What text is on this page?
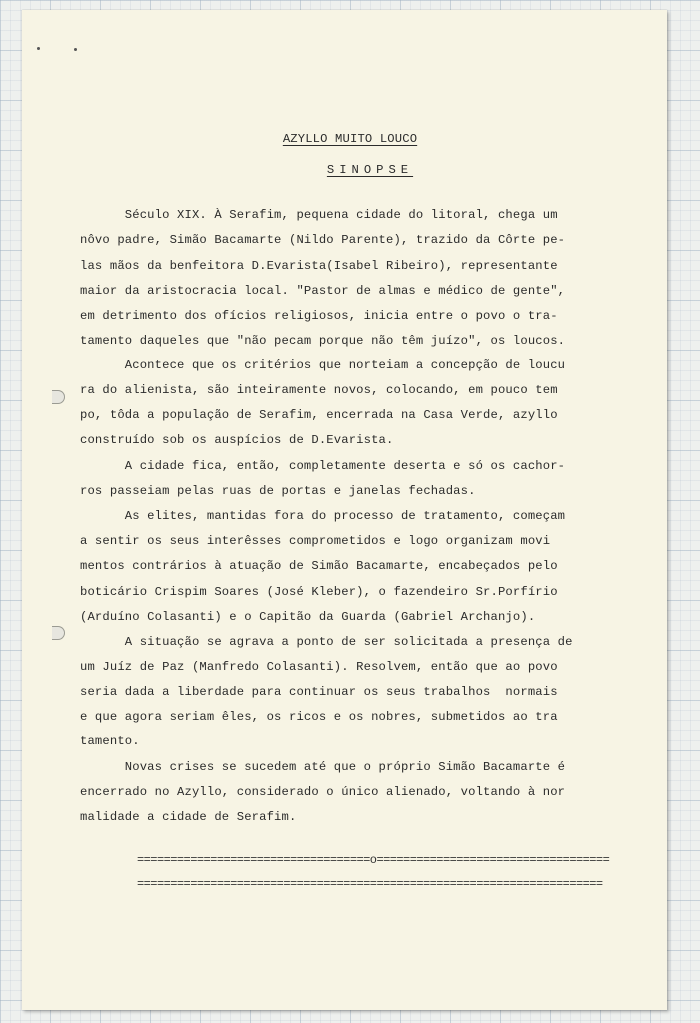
AZYLLO MUITO LOUCO
SINOPSE
Século XIX. À Serafim, pequena cidade do litoral, chega um
nôvo padre, Simão Bacamarte (Nildo Parente), trazido da Côrte pe-
las mãos da benfeitora D.Evarista(Isabel Ribeiro), representante
maior da aristocracia local. "Pastor de almas e médico de gente",
em detrimento dos ofícios religiosos, inicia entre o povo o tra-
tamento daqueles que "não pecam porque não têm juízo", os loucos.
Acontece que os critérios que norteiam a concepção de loucu
ra do alienista, são inteiramente novos, colocando, em pouco tem
po, tôda a população de Serafim, encerrada na Casa Verde, azyllo
construído sob os auspícios de D.Evarista.
A cidade fica, então, completamente deserta e só os cachor-
ros passeiam pelas ruas de portas e janelas fechadas.
As elites, mantidas fora do processo de tratamento, começam
a sentir os seus interêsses comprometidos e logo organizam movi
mentos contrários à atuação de Simão Bacamarte, encabeçados pelo
boticário Crispim Soares (José Kleber), o fazendeiro Sr.Porfírio
(Arduíno Colasanti) e o Capitão da Guarda (Gabriel Archanjo).
A situação se agrava a ponto de ser solicitada a presença de
um Juíz de Paz (Manfredo Colasanti). Resolvem, então que ao povo
seria dada a liberdade para continuar os seus trabalhos  normais
e que agora seriam êles, os ricos e os nobres, submetidos ao tra
tamento.
Novas crises se sucedem até que o próprio Simão Bacamarte é
encerrado no Azyllo, considerado o único alienado, voltando à nor
malidade a cidade de Serafim.
===================================o===================================
======================================================================
